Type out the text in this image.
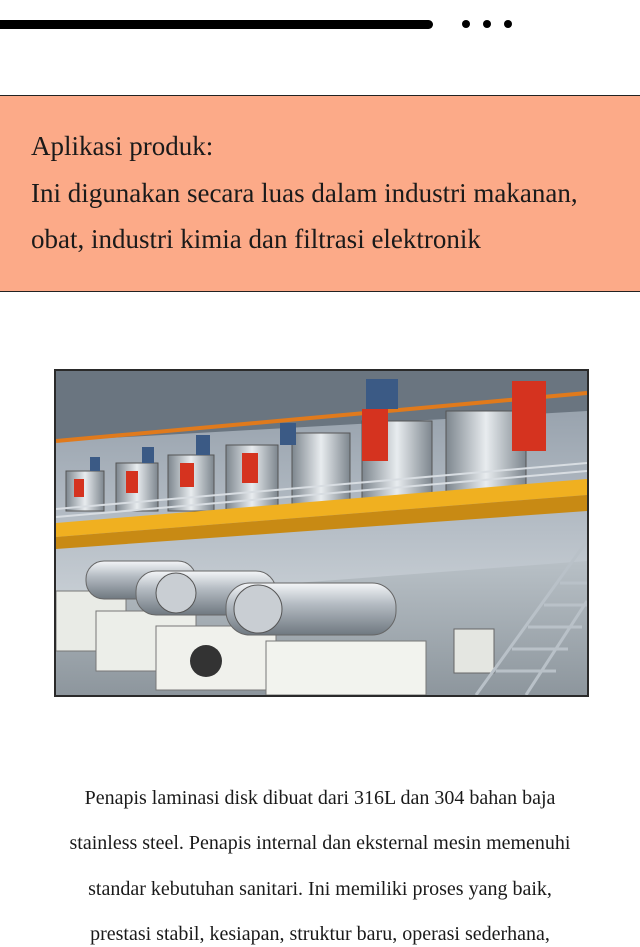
Aplikasi produk:
Ini digunakan secara luas dalam industri makanan,
obat, industri kimia dan filtrasi elektronik

Penapis laminasi disk dibuat dari 316L dan 304 bahan baja

stainless steel. Penapis internal dan eksternal mesin memenuhi

standar kebutuhan sanitari. Ini memiliki proses yang baik,

prestasi stabil, kesiapan, struktur baru, operasi sederhana,
